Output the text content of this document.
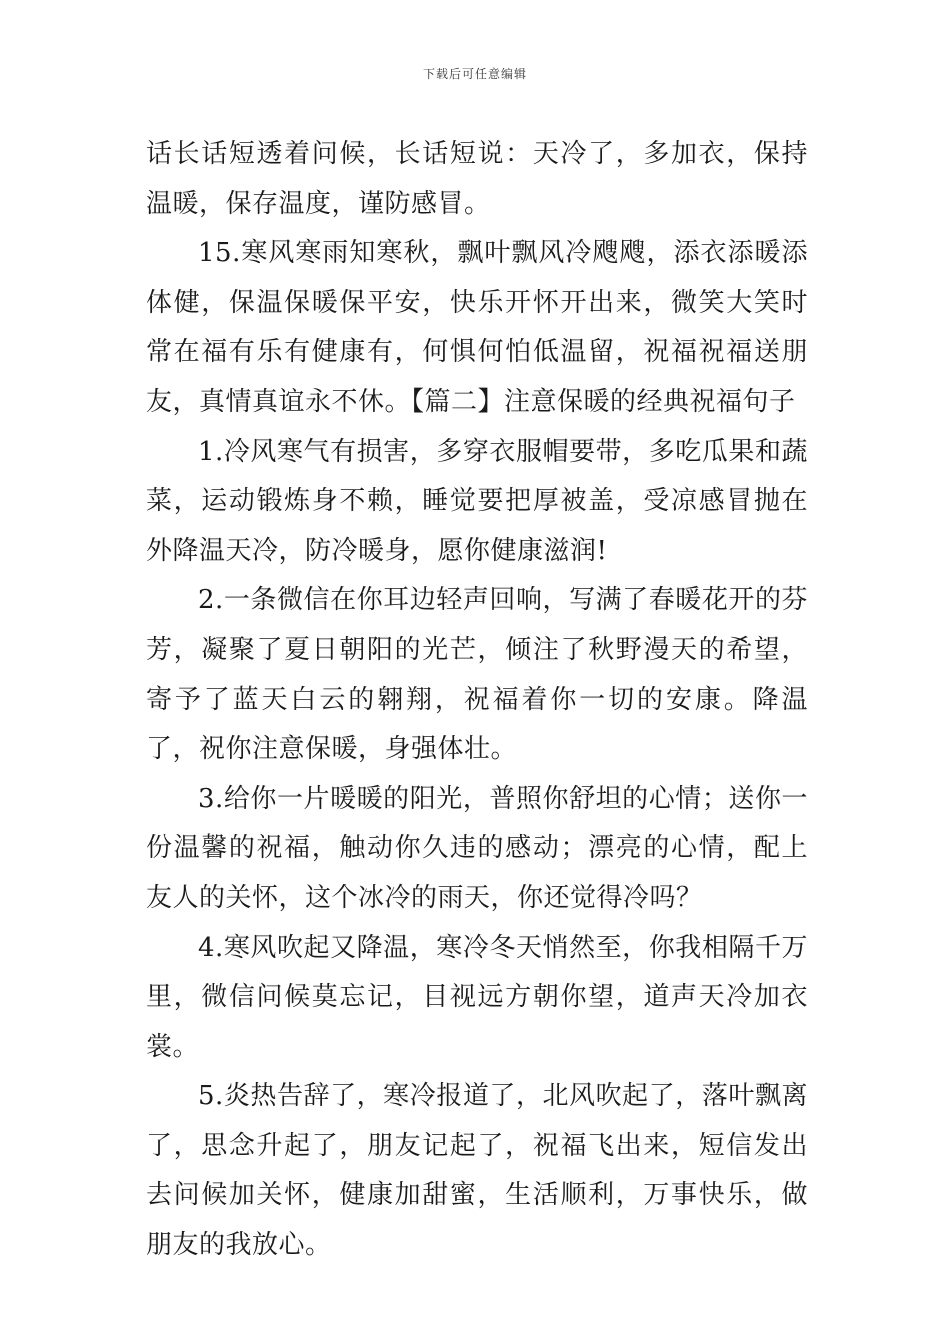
下载后可任意编辑

话长话短透着问候，长话短说：天冷了，多加衣，保持温暖，保存温度，谨防感冒。

15.寒风寒雨知寒秋，飘叶飘风冷飕飕，添衣添暖添体健，保温保暖保平安，快乐开怀开出来，微笑大笑时常在福有乐有健康有，何惧何怕低温留，祝福祝福送朋友，真情真谊永不休。【篇二】注意保暖的经典祝福句子

1.冷风寒气有损害，多穿衣服帽要带，多吃瓜果和蔬菜，运动锻炼身不赖，睡觉要把厚被盖，受凉感冒抛在外降温天冷，防冷暖身，愿你健康滋润!

2.一条微信在你耳边轻声回响，写满了春暖花开的芬芳，凝聚了夏日朝阳的光芒，倾注了秋野漫天的希望，寄予了蓝天白云的翱翔，祝福着你一切的安康。降温了，祝你注意保暖，身强体壮。

3.给你一片暖暖的阳光，普照你舒坦的心情；送你一份温馨的祝福，触动你久违的感动；漂亮的心情，配上友人的关怀，这个冰冷的雨天，你还觉得冷吗？

4.寒风吹起又降温，寒冷冬天悄然至，你我相隔千万里，微信问候莫忘记，目视远方朝你望，道声天冷加衣裳。

5.炎热告辞了，寒冷报道了，北风吹起了，落叶飘离了，思念升起了，朋友记起了，祝福飞出来，短信发出去问候加关怀，健康加甜蜜，生活顺利，万事快乐，做朋友的我放心。
